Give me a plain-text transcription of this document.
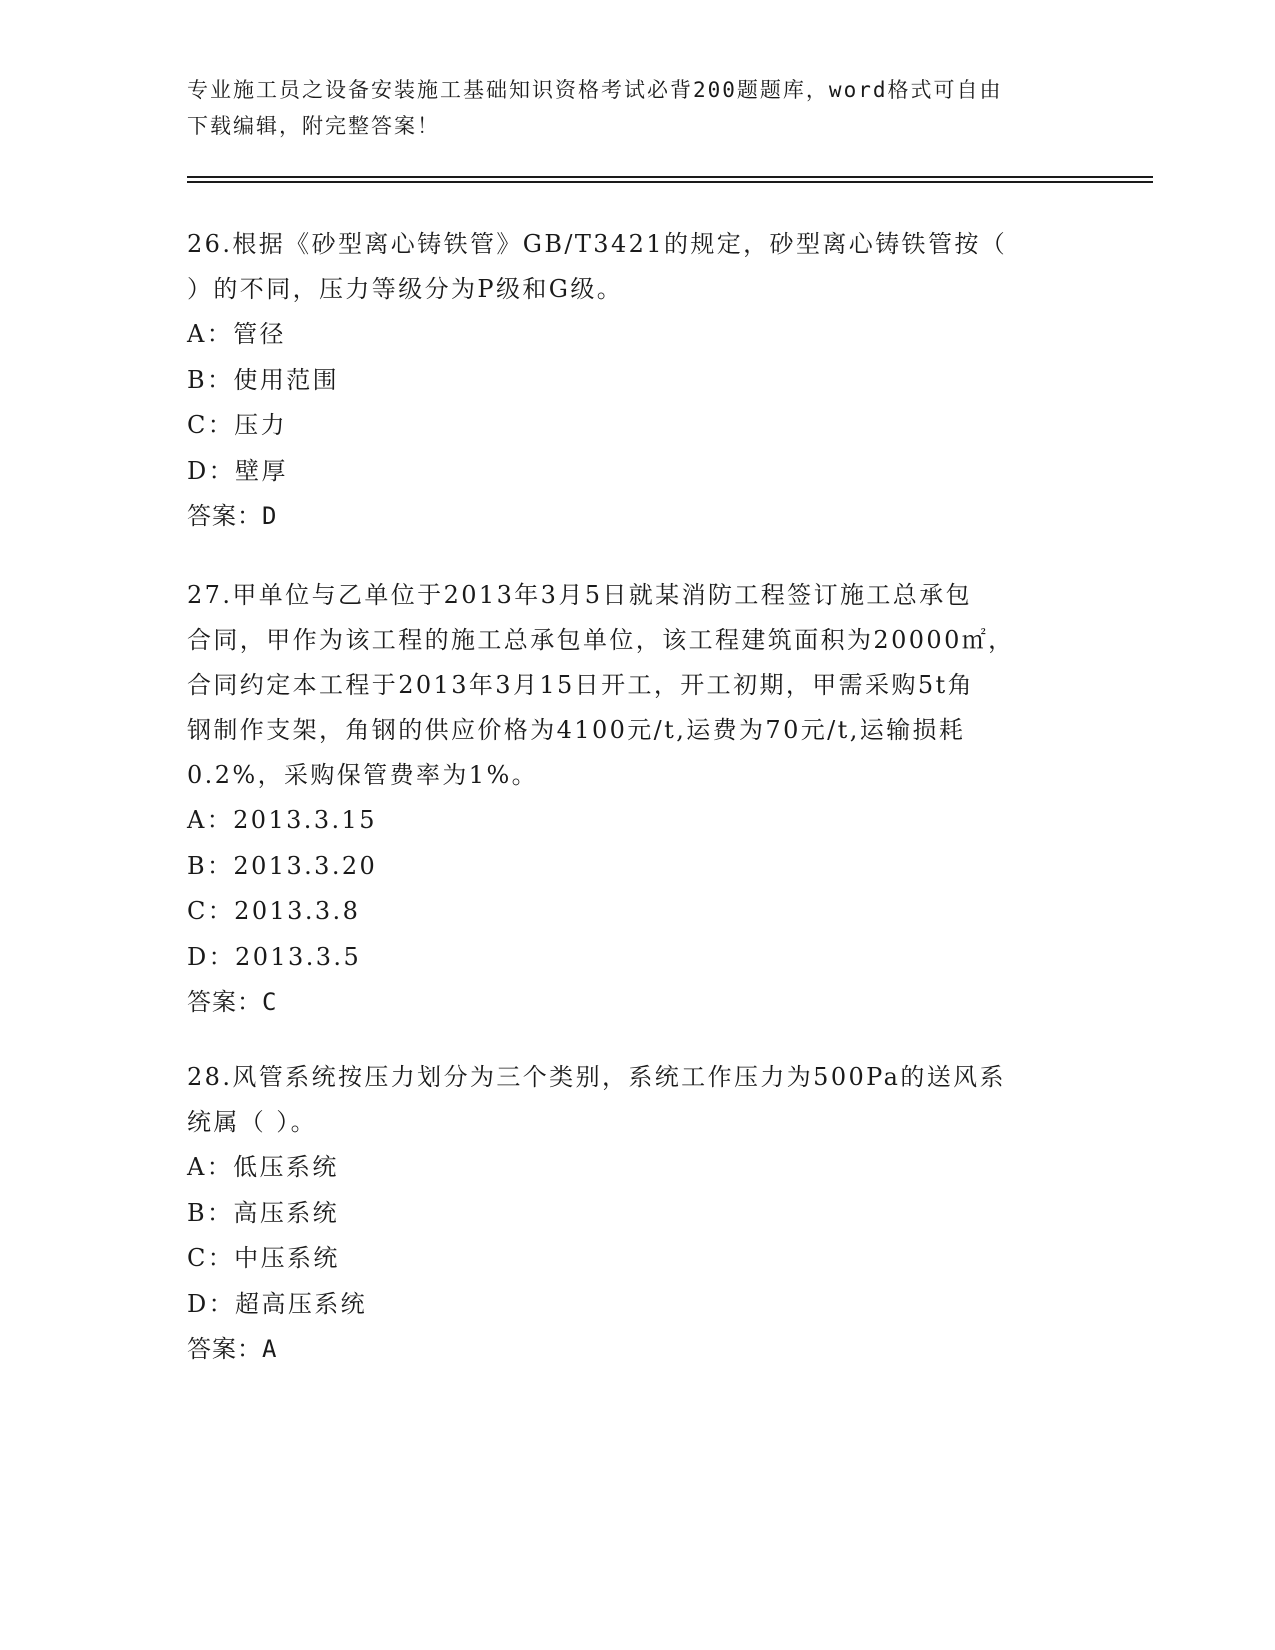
专业施工员之设备安装施工基础知识资格考试必背200题题库，word格式可自由
下载编辑，附完整答案！
26.根据《砂型离心铸铁管》GB/T3421的规定，砂型离心铸铁管按（
）的不同，压力等级分为P级和G级。
A：管径
B：使用范围
C：压力
D：壁厚
答案：D
27.甲单位与乙单位于2013年3月5日就某消防工程签订施工总承包
合同，甲作为该工程的施工总承包单位，该工程建筑面积为20000㎡，
合同约定本工程于2013年3月15日开工，开工初期，甲需采购5t角
钢制作支架，角钢的供应价格为4100元/t,运费为70元/t,运输损耗
0.2%，采购保管费率为1%。
A：2013.3.15
B：2013.3.20
C：2013.3.8
D：2013.3.5
答案：C
28.风管系统按压力划分为三个类别，系统工作压力为500Pa的送风系
统属（ ）。
A：低压系统
B：高压系统
C：中压系统
D：超高压系统
答案：A
